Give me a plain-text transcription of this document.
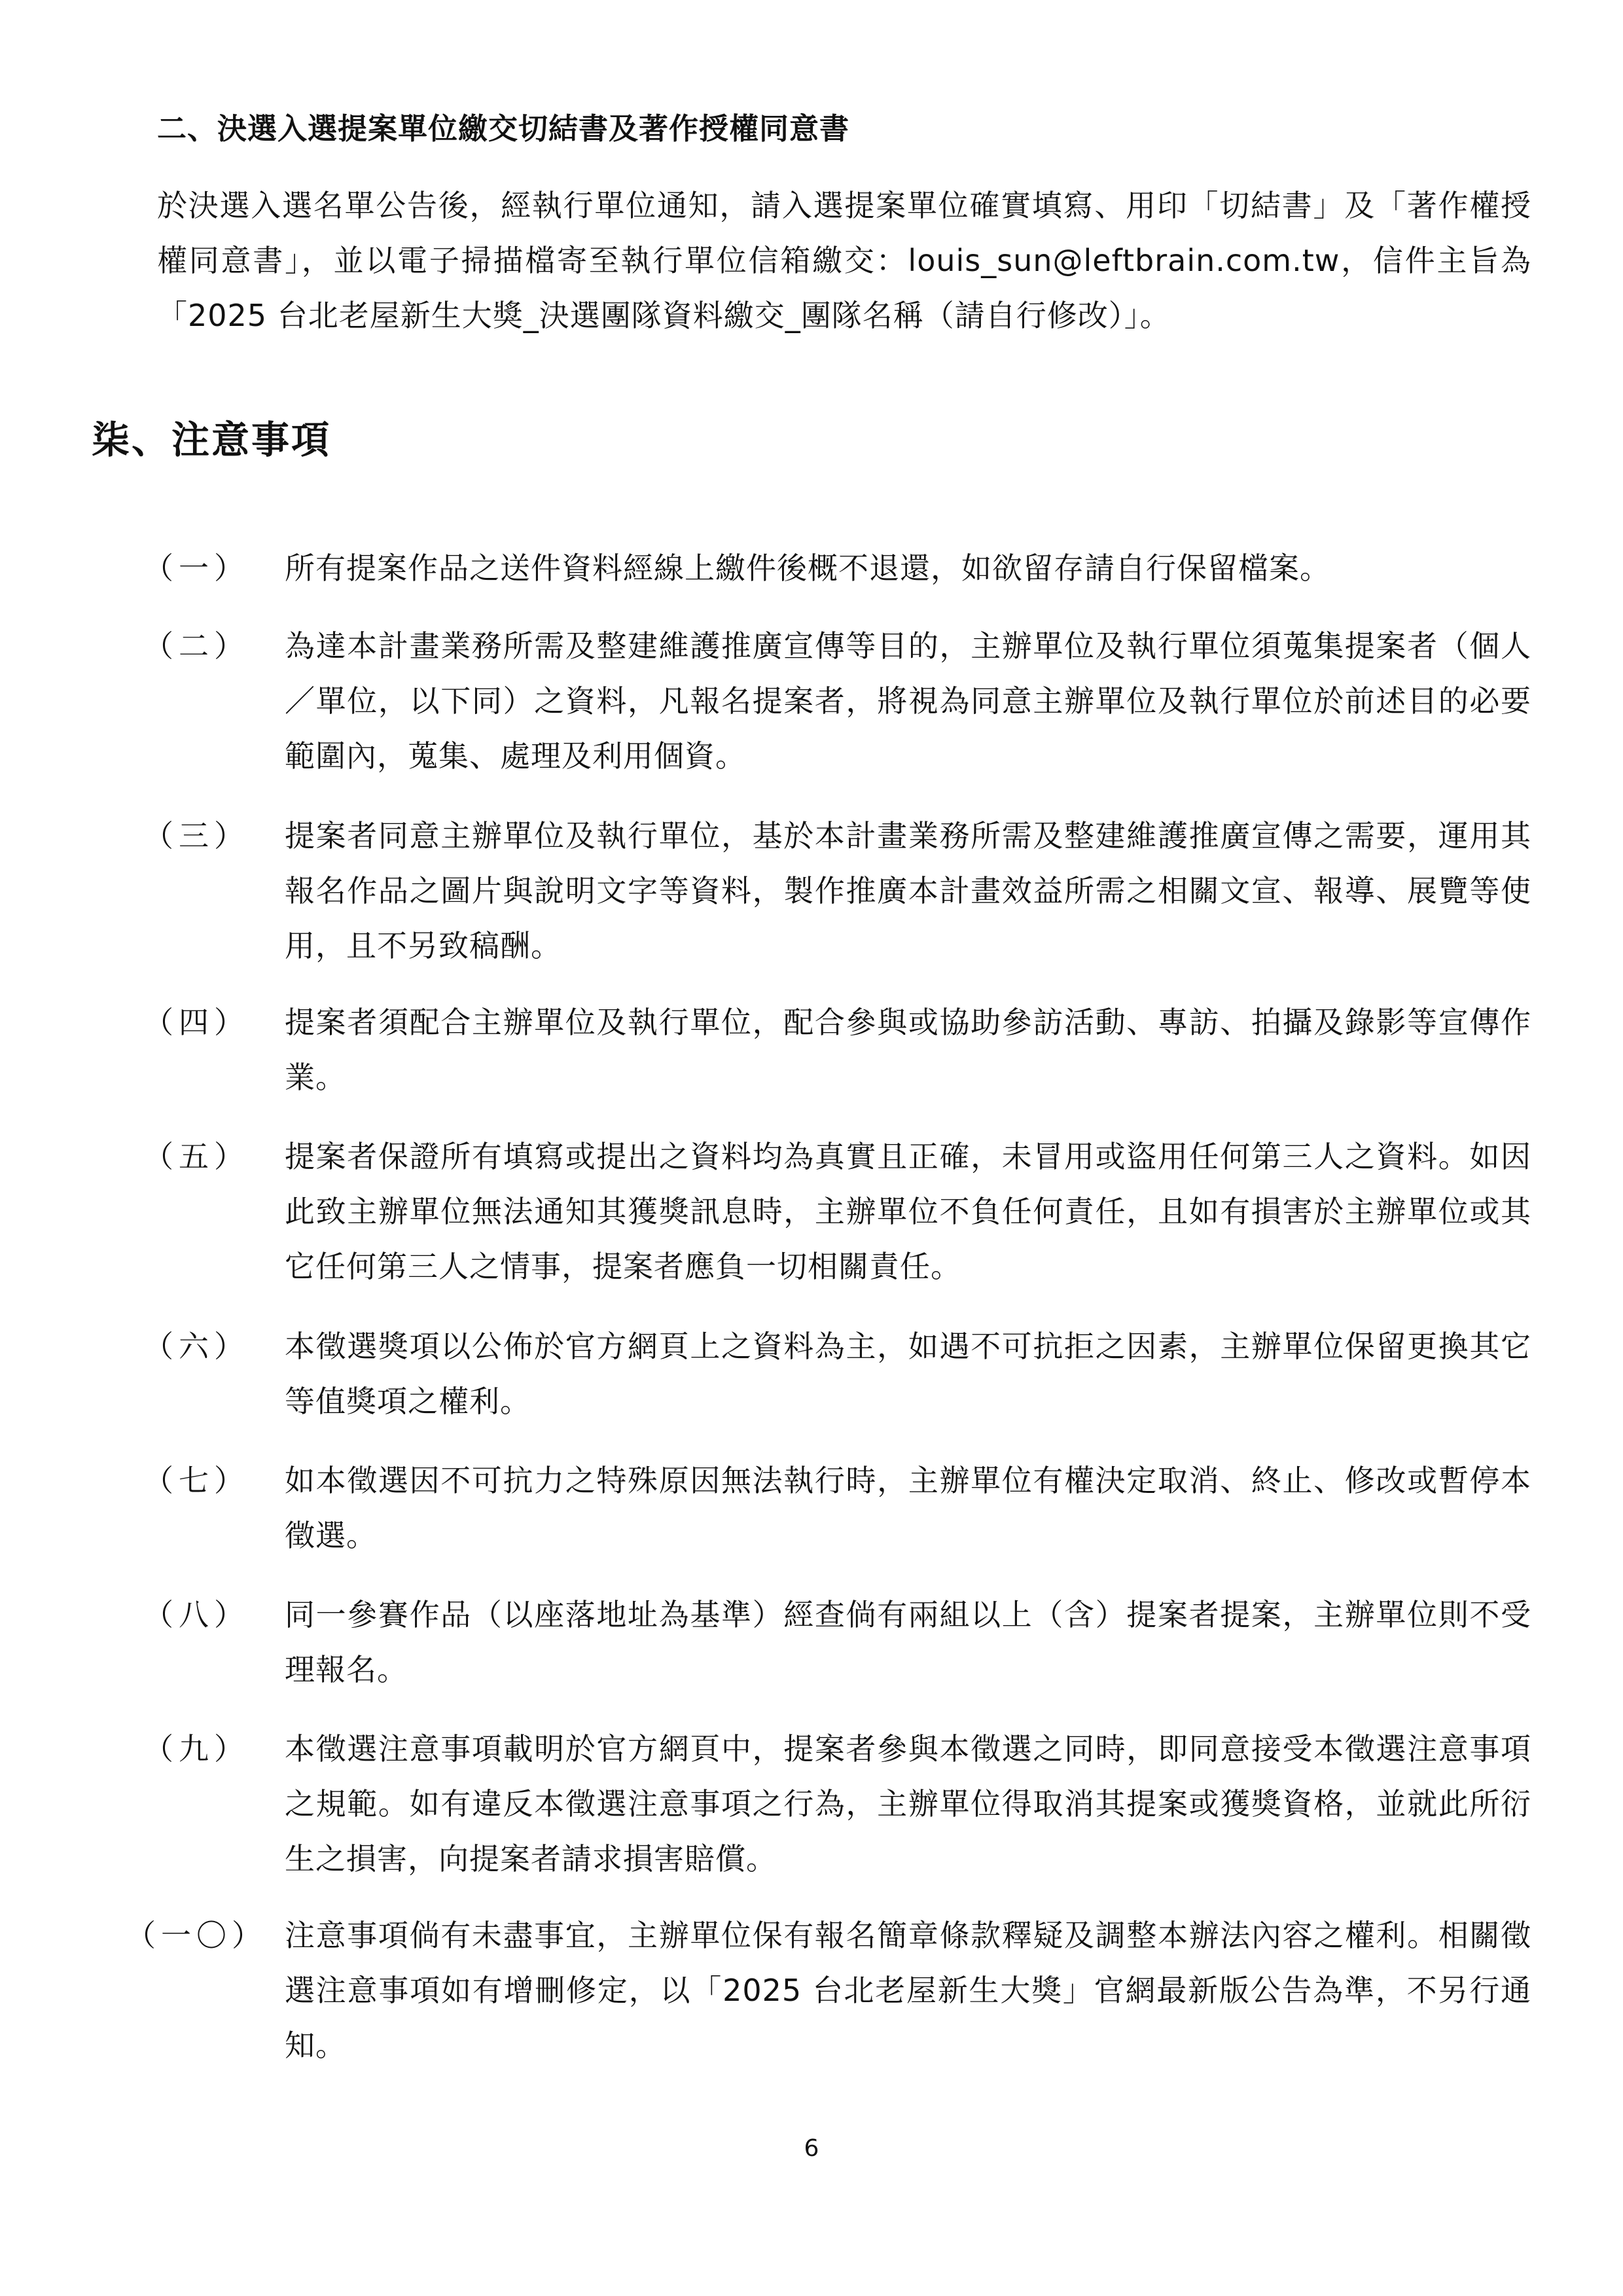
二、決選入選提案單位繳交切結書及著作授權同意書
於決選入選名單公告後，經執行單位通知，請入選提案單位確實填寫、用印「切結書」及「著作權授權同意書」，並以電子掃描檔寄至執行單位信箱繳交：louis_sun@leftbrain.com.tw，信件主旨為「2025 台北老屋新生大獎_決選團隊資料繳交_團隊名稱（請自行修改）」。
柒、注意事項
（一）	所有提案作品之送件資料經線上繳件後概不退還，如欲留存請自行保留檔案。
（二）	為達本計畫業務所需及整建維護推廣宣傳等目的，主辦單位及執行單位須蒐集提案者（個人／單位，以下同）之資料，凡報名提案者，將視為同意主辦單位及執行單位於前述目的必要範圍內，蒐集、處理及利用個資。
（三）	提案者同意主辦單位及執行單位，基於本計畫業務所需及整建維護推廣宣傳之需要，運用其報名作品之圖片與說明文字等資料，製作推廣本計畫效益所需之相關文宣、報導、展覽等使用，且不另致稿酬。
（四）	提案者須配合主辦單位及執行單位，配合參與或協助參訪活動、專訪、拍攝及錄影等宣傳作業。
（五）	提案者保證所有填寫或提出之資料均為真實且正確，未冒用或盜用任何第三人之資料。如因此致主辦單位無法通知其獲獎訊息時，主辦單位不負任何責任，且如有損害於主辦單位或其它任何第三人之情事，提案者應負一切相關責任。
（六）	本徵選獎項以公佈於官方網頁上之資料為主，如遇不可抗拒之因素，主辦單位保留更換其它等值獎項之權利。
（七）	如本徵選因不可抗力之特殊原因無法執行時，主辦單位有權決定取消、終止、修改或暫停本徵選。
（八）	同一參賽作品（以座落地址為基準）經查倘有兩組以上（含）提案者提案，主辦單位則不受理報名。
（九）	本徵選注意事項載明於官方網頁中，提案者參與本徵選之同時，即同意接受本徵選注意事項之規範。如有違反本徵選注意事項之行為，主辦單位得取消其提案或獲獎資格，並就此所衍生之損害，向提案者請求損害賠償。
（一〇） 注意事項倘有未盡事宜，主辦單位保有報名簡章條款釋疑及調整本辦法內容之權利。相關徵選注意事項如有增刪修定，以「2025 台北老屋新生大獎」官網最新版公告為準，不另行通知。
6
